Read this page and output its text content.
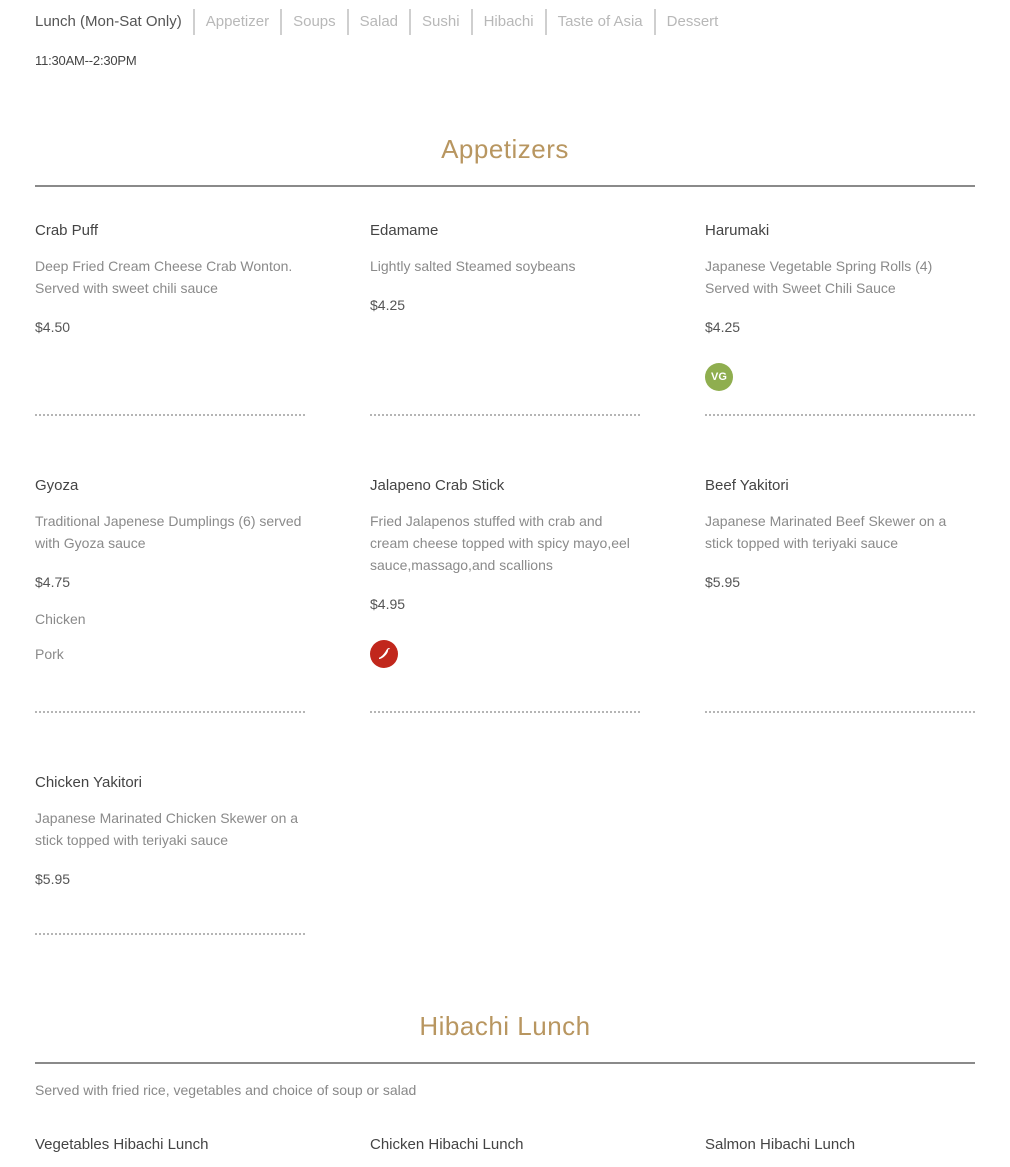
Lunch (Mon-Sat Only)	Appetizer	Soups	Salad	Sushi	Hibachi	Taste of Asia	Dessert
11:30AM--2:30PM
Appetizers
Crab Puff
Deep Fried Cream Cheese Crab Wonton. Served with sweet chili sauce
$4.50
Edamame
Lightly salted Steamed soybeans
$4.25
Harumaki
Japanese Vegetable Spring Rolls (4) Served with Sweet Chili Sauce
$4.25
VG
Gyoza
Traditional Japenese Dumplings (6) served with Gyoza sauce
$4.75
Chicken
Pork
Jalapeno Crab Stick
Fried Jalapenos stuffed with crab and cream cheese topped with spicy mayo,eel sauce,massago,and scallions
$4.95
Beef Yakitori
Japanese Marinated Beef Skewer on a stick topped with teriyaki sauce
$5.95
Chicken Yakitori
Japanese Marinated Chicken Skewer on a stick topped with teriyaki sauce
$5.95
Hibachi Lunch
Served with fried rice, vegetables and choice of soup or salad
Vegetables Hibachi Lunch	Chicken Hibachi Lunch	Salmon Hibachi Lunch
